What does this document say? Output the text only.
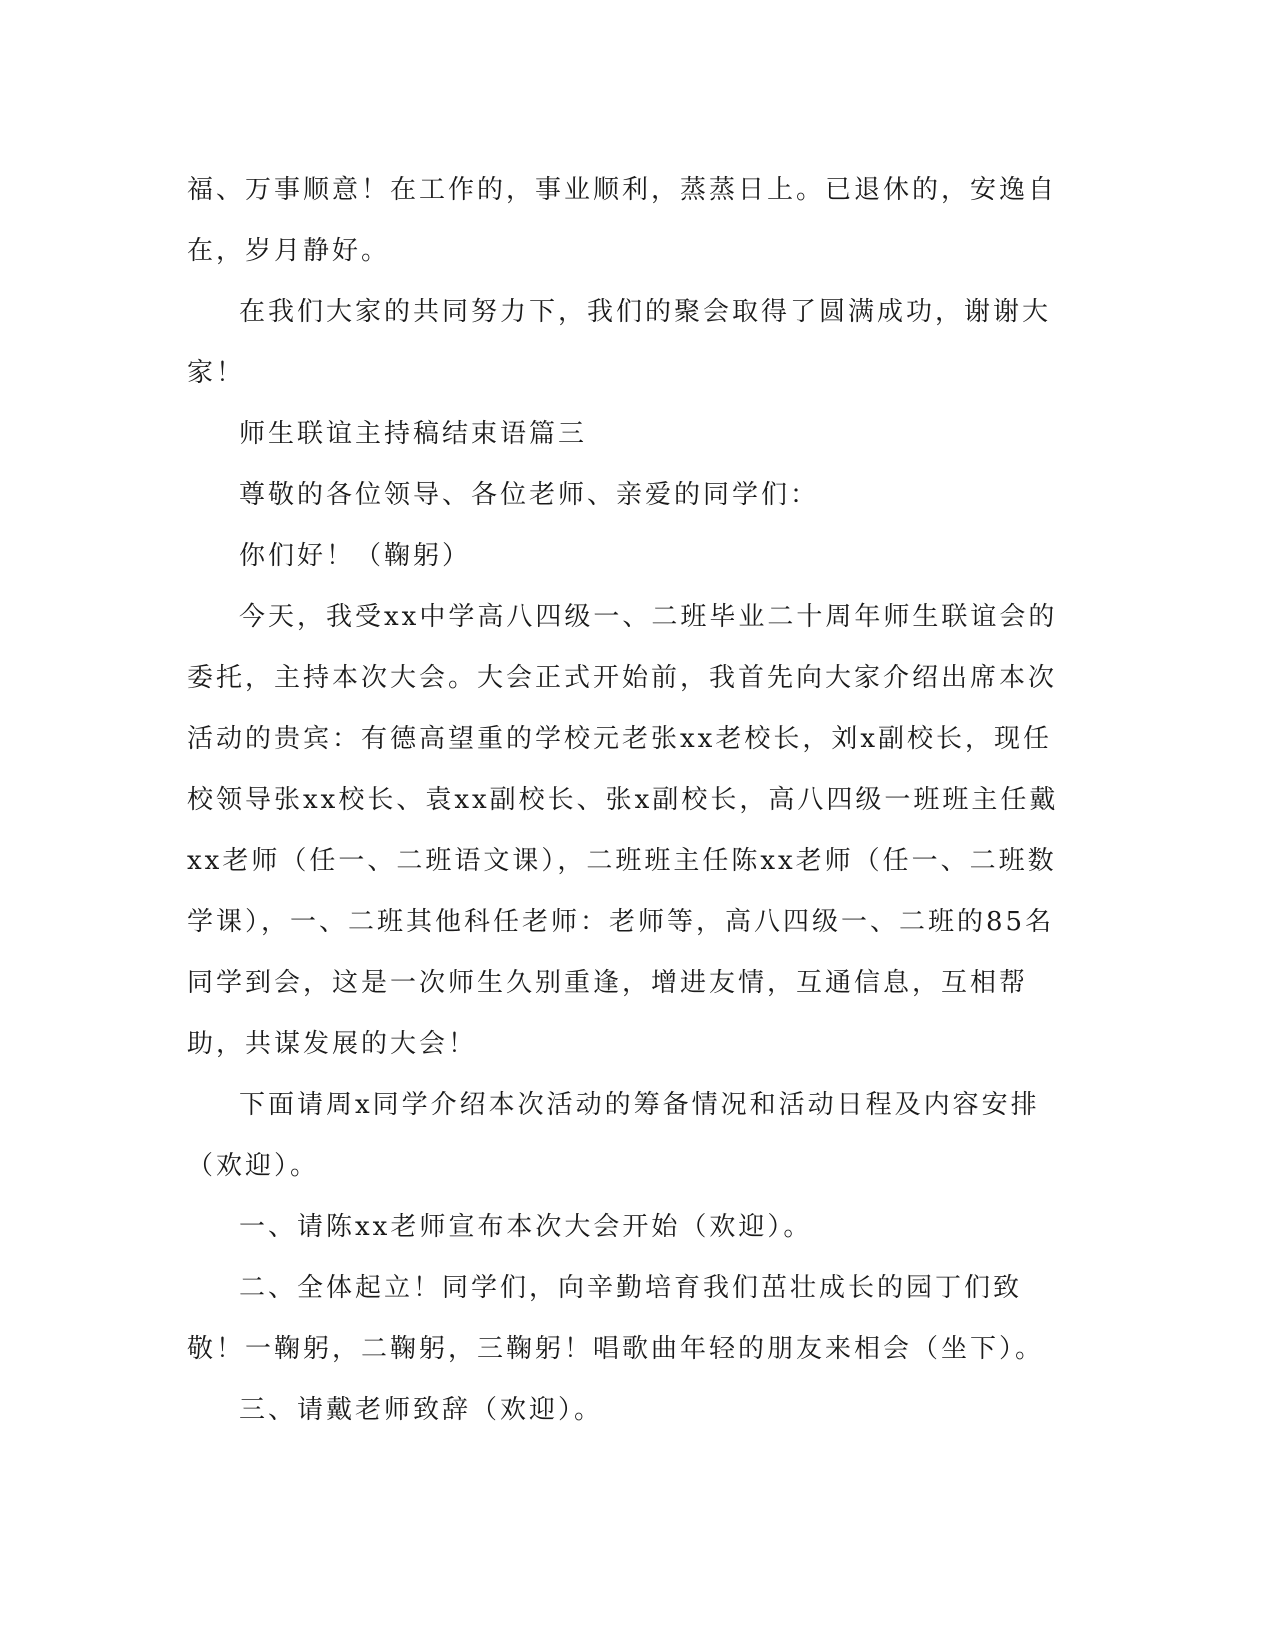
福、万事顺意！在工作的，事业顺利，蒸蒸日上。已退休的，安逸自在，岁月静好。

在我们大家的共同努力下，我们的聚会取得了圆满成功，谢谢大家！

师生联谊主持稿结束语篇三

尊敬的各位领导、各位老师、亲爱的同学们：

你们好！（鞠躬）

今天，我受xx中学高八四级一、二班毕业二十周年师生联谊会的委托，主持本次大会。大会正式开始前，我首先向大家介绍出席本次活动的贵宾：有德高望重的学校元老张xx老校长，刘x副校长，现任校领导张xx校长、袁xx副校长、张x副校长，高八四级一班班主任戴xx老师（任一、二班语文课），二班班主任陈xx老师（任一、二班数学课），一、二班其他科任老师：老师等，高八四级一、二班的85名同学到会，这是一次师生久别重逢，增进友情，互通信息，互相帮助，共谋发展的大会！

下面请周x同学介绍本次活动的筹备情况和活动日程及内容安排（欢迎）。

一、请陈xx老师宣布本次大会开始（欢迎）。

二、全体起立！同学们，向辛勤培育我们茁壮成长的园丁们致敬！一鞠躬，二鞠躬，三鞠躬！唱歌曲年轻的朋友来相会（坐下）。

三、请戴老师致辞（欢迎）。
